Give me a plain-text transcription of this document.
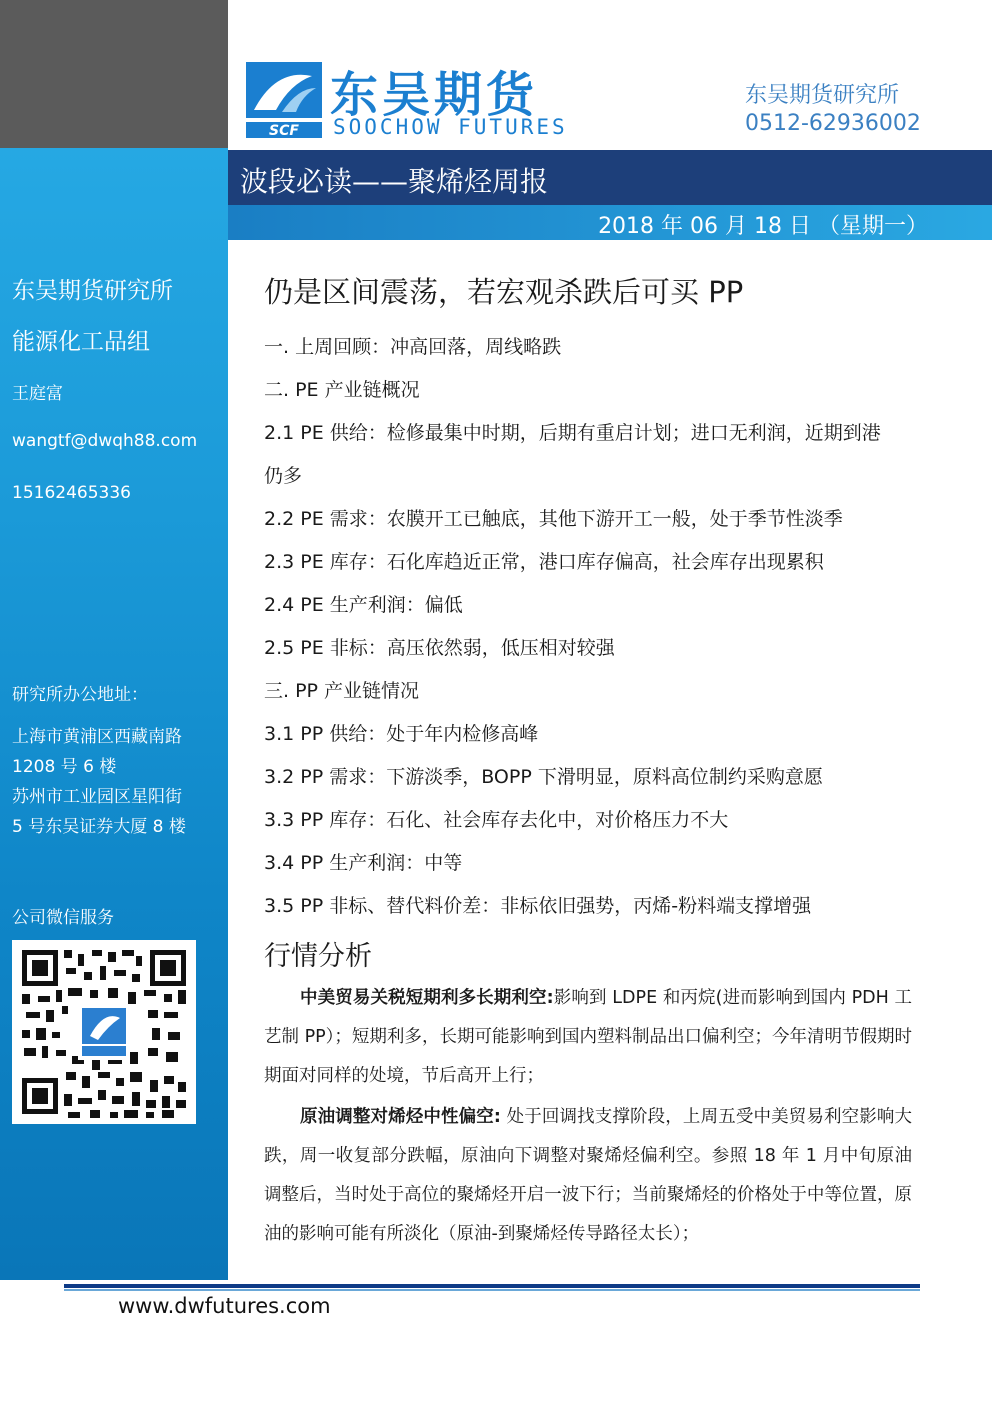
东吴期货研究所
能源化工品组
王庭富
wangtf@dwqh88.com
15162465336
研究所办公地址：
上海市黄浦区西藏南路
1208 号 6 楼
苏州市工业园区星阳街
5 号东吴证券大厦 8 楼
公司微信服务
SCF
东吴期货
SOOCHOW FUTURES
东吴期货研究所
0512-62936002
波段必读——聚烯烃周报
2018 年 06 月 18 日 （星期一）
仍是区间震荡，若宏观杀跌后可买 PP
一. 上周回顾：冲高回落，周线略跌
二. PE 产业链概况
2.1 PE 供给：检修最集中时期，后期有重启计划；进口无利润，近期到港
仍多
2.2 PE 需求：农膜开工已触底，其他下游开工一般，处于季节性淡季
2.3 PE 库存：石化库趋近正常，港口库存偏高，社会库存出现累积
2.4 PE 生产利润：偏低
2.5 PE 非标：高压依然弱，低压相对较强
三. PP 产业链情况
3.1 PP 供给：处于年内检修高峰
3.2 PP 需求：下游淡季，BOPP 下滑明显，原料高位制约采购意愿
3.3 PP 库存：石化、社会库存去化中，对价格压力不大
3.4 PP 生产利润：中等
3.5 PP 非标、替代料价差：非标依旧强势，丙烯-粉料端支撑增强
行情分析
中美贸易关税短期利多长期利空:影响到 LDPE 和丙烷(进而影响到国内 PDH 工艺制 PP）；短期利多，长期可能影响到国内塑料制品出口偏利空；今年清明节假期时期面对同样的处境，节后高开上行；
原油调整对烯烃中性偏空: 处于回调找支撑阶段，上周五受中美贸易利空影响大跌，周一收复部分跌幅，原油向下调整对聚烯烃偏利空。参照 18 年 1 月中旬原油调整后，当时处于高位的聚烯烃开启一波下行；当前聚烯烃的价格处于中等位置，原油的影响可能有所淡化（原油-到聚烯烃传导路径太长）；
www.dwfutures.com
